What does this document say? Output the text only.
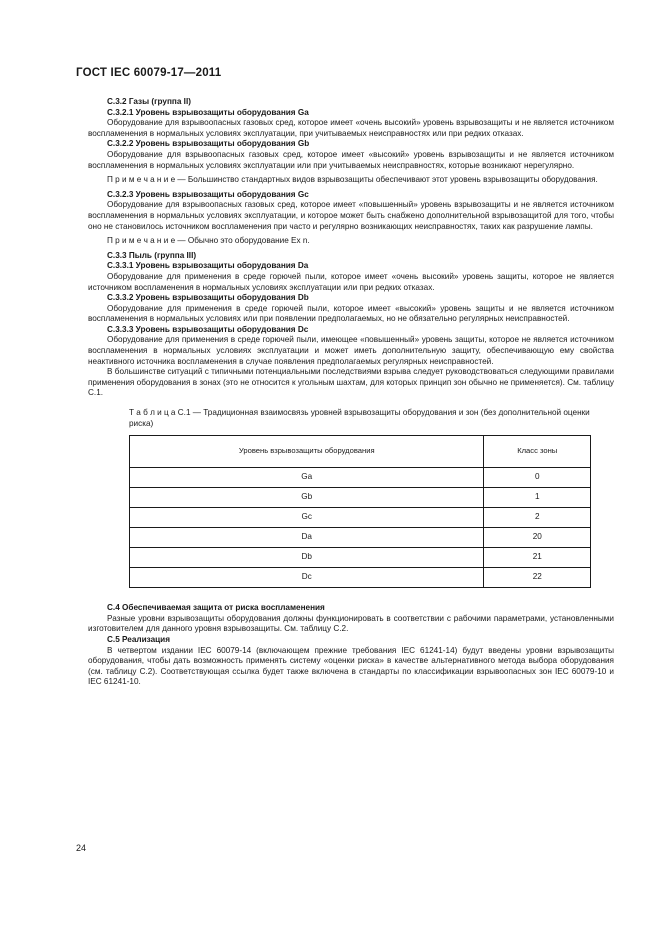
ГОСТ IEC 60079-17—2011

С.3.2 Газы (группа II)

С.3.2.1 Уровень взрывозащиты оборудования Ga

Оборудование для взрывоопасных газовых сред, которое имеет «очень высокий» уровень взрывозащиты и не является источником воспламенения в нормальных условиях эксплуатации, при учитываемых неисправностях или при редких отказах.

С.3.2.2 Уровень взрывозащиты оборудования Gb

Оборудование для взрывоопасных газовых сред, которое имеет «высокий» уровень взрывозащиты и не является источником воспламенения в нормальных условиях эксплуатации или при учитываемых неисправностях, которые возникают нерегулярно.

П р и м е ч а н и е — Большинство стандартных видов взрывозащиты обеспечивают этот уровень взрывозащиты оборудования.

С.3.2.3 Уровень взрывозащиты оборудования Gc

Оборудование для взрывоопасных газовых сред, которое имеет «повышенный» уровень взрывозащиты и не является источником воспламенения в нормальных условиях эксплуатации, и которое может быть снабжено дополнительной взрывозащитой для того, чтобы оно не становилось источником воспламенения при часто и регулярно возникающих неисправностях, таких как разрушение лампы.

П р и м е ч а н и е — Обычно это оборудование Ex n.

С.3.3 Пыль (группа III)

С.3.3.1 Уровень взрывозащиты оборудования Da

Оборудование для применения в среде горючей пыли, которое имеет «очень высокий» уровень защиты, которое не является источником воспламенения в нормальных условиях эксплуатации или при редких отказах.

С.3.3.2 Уровень взрывозащиты оборудования Db

Оборудование для применения в среде горючей пыли, которое имеет «высокий» уровень защиты и не является источником воспламенения в нормальных условиях или при появлении предполагаемых, но не обязательно регулярных неисправностей.

С.3.3.3 Уровень взрывозащиты оборудования Dc

Оборудование для применения в среде горючей пыли, имеющее «повышенный» уровень защиты, которое не является источником воспламенения в нормальных условиях эксплуатации и может иметь дополнительную защиту, обеспечивающую ему свойства неактивного источника воспламенения в случае появления предполагаемых регулярных неисправностей.

В большинстве ситуаций с типичными потенциальными последствиями взрыва следует руководствоваться следующими правилами применения оборудования в зонах (это не относится к угольным шахтам, для которых принцип зон обычно не применяется). См. таблицу С.1.

Т а б л и ц а С.1 — Традиционная взаимосвязь уровней взрывозащиты оборудования и зон (без дополнительной оценки риска)
Уровень взрывозащиты оборудования	Класс зоны
Ga	0
Gb	1
Gc	2
Da	20
Db	21
Dc	22

С.4 Обеспечиваемая защита от риска воспламенения

Разные уровни взрывозащиты оборудования должны функционировать в соответствии с рабочими параметрами, установленными изготовителем для данного уровня взрывозащиты. См. таблицу С.2.

С.5 Реализация

В четвертом издании IEC 60079-14 (включающем прежние требования IEC 61241-14) будут введены уровни взрывозащиты оборудования, чтобы дать возможность применять систему «оценки риска» в качестве альтернативного метода выбора оборудования (см. таблицу С.2). Соответствующая ссылка будет также включена в стандарты по классификации взрывоопасных зон IEC 60079-10 и IEC 61241-10.

24
